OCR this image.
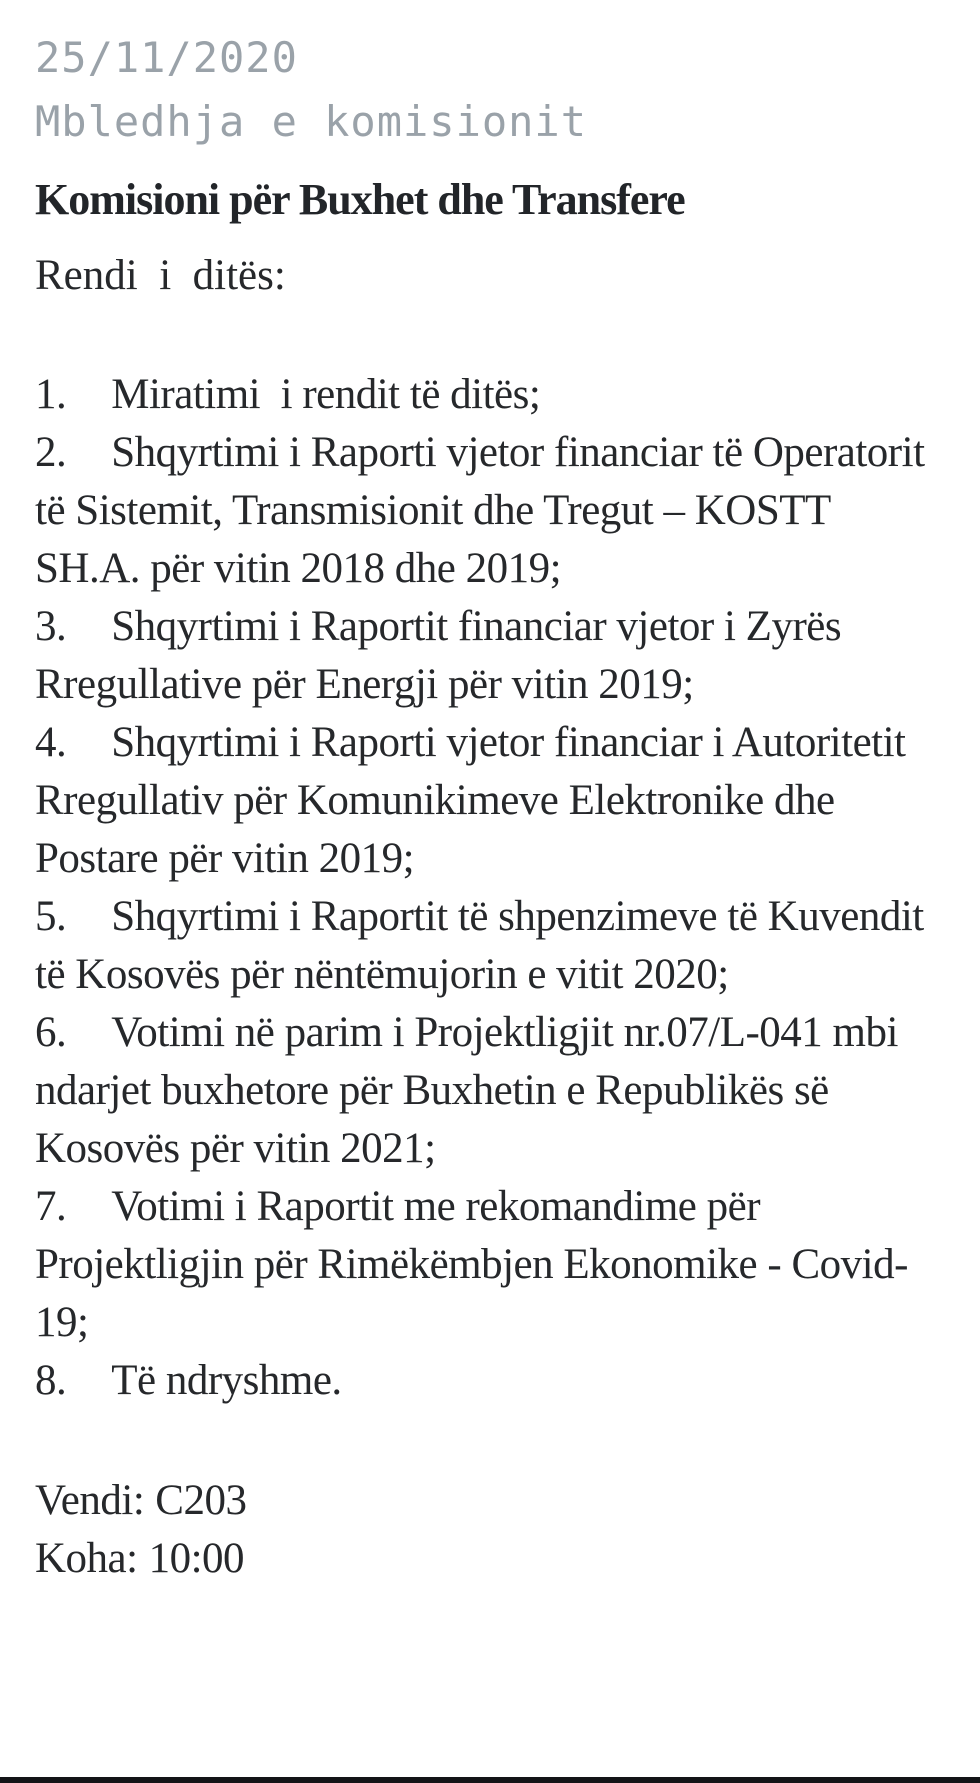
25/11/2020
Mbledhja e komisionit
Komisioni për Buxhet dhe Transfere
Rendi  i  ditës:

1. Miratimi  i rendit të ditës;

2. Shqyrtimi i Raporti vjetor financiar të Operatorit të Sistemit, Transmisionit dhe Tregut – KOSTT SH.A. për vitin 2018 dhe 2019;

3. Shqyrtimi i Raportit financiar vjetor i Zyrës Rregullative për Energji për vitin 2019;

4. Shqyrtimi i Raporti vjetor financiar i Autoritetit Rregullativ për Komunikimeve Elektronike dhe Postare për vitin 2019;

5. Shqyrtimi i Raportit të shpenzimeve të Kuvendit të Kosovës për nëntëmujorin e vitit 2020;

6. Votimi në parim i Projektligjit nr.07/L-041 mbi ndarjet buxhetore për Buxhetin e Republikës së Kosovës për vitin 2021;

7. Votimi i Raportit me rekomandime për Projektligjin për Rimëkëmbjen Ekonomike - Covid-19;

8. Të ndryshme.

Vendi: C203

Koha: 10:00
